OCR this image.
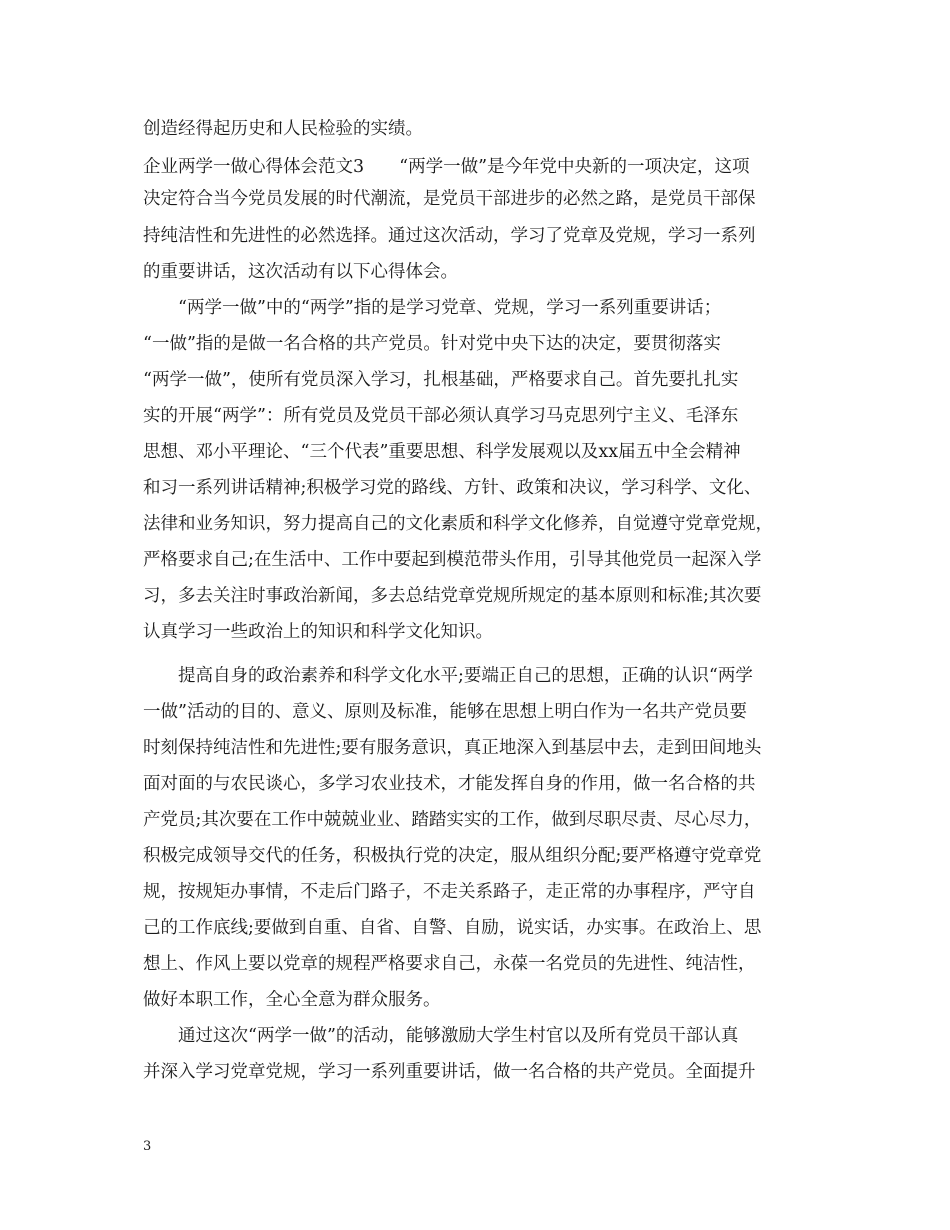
创造经得起历史和人民检验的实绩。
企业两学一做心得体会范文3　　“两学一做”是今年党中央新的一项决定，这项
决定符合当今党员发展的时代潮流，是党员干部进步的必然之路，是党员干部保
持纯洁性和先进性的必然选择。通过这次活动，学习了党章及党规，学习一系列
的重要讲话，这次活动有以下心得体会。
　　“两学一做”中的“两学”指的是学习党章、党规，学习一系列重要讲话；
“一做”指的是做一名合格的共产党员。针对党中央下达的决定，要贯彻落实
“两学一做”，使所有党员深入学习，扎根基础，严格要求自己。首先要扎扎实
实的开展“两学”：所有党员及党员干部必须认真学习马克思列宁主义、毛泽东
思想、邓小平理论、“三个代表”重要思想、科学发展观以及xx届五中全会精神
和习一系列讲话精神;积极学习党的路线、方针、政策和决议，学习科学、文化、
法律和业务知识，努力提高自己的文化素质和科学文化修养，自觉遵守党章党规，
严格要求自己;在生活中、工作中要起到模范带头作用，引导其他党员一起深入学
习，多去关注时事政治新闻，多去总结党章党规所规定的基本原则和标准;其次要
认真学习一些政治上的知识和科学文化知识。
　　提高自身的政治素养和科学文化水平;要端正自己的思想，正确的认识“两学
一做”活动的目的、意义、原则及标准，能够在思想上明白作为一名共产党员要
时刻保持纯洁性和先进性;要有服务意识，真正地深入到基层中去，走到田间地头
面对面的与农民谈心，多学习农业技术，才能发挥自身的作用，做一名合格的共
产党员;其次要在工作中兢兢业业、踏踏实实的工作，做到尽职尽责、尽心尽力，
积极完成领导交代的任务，积极执行党的决定，服从组织分配;要严格遵守党章党
规，按规矩办事情，不走后门路子，不走关系路子，走正常的办事程序，严守自
己的工作底线;要做到自重、自省、自警、自励，说实话，办实事。在政治上、思
想上、作风上要以党章的规程严格要求自己，永葆一名党员的先进性、纯洁性，
做好本职工作，全心全意为群众服务。
　　通过这次“两学一做”的活动，能够激励大学生村官以及所有党员干部认真
并深入学习党章党规，学习一系列重要讲话，做一名合格的共产党员。全面提升
3
